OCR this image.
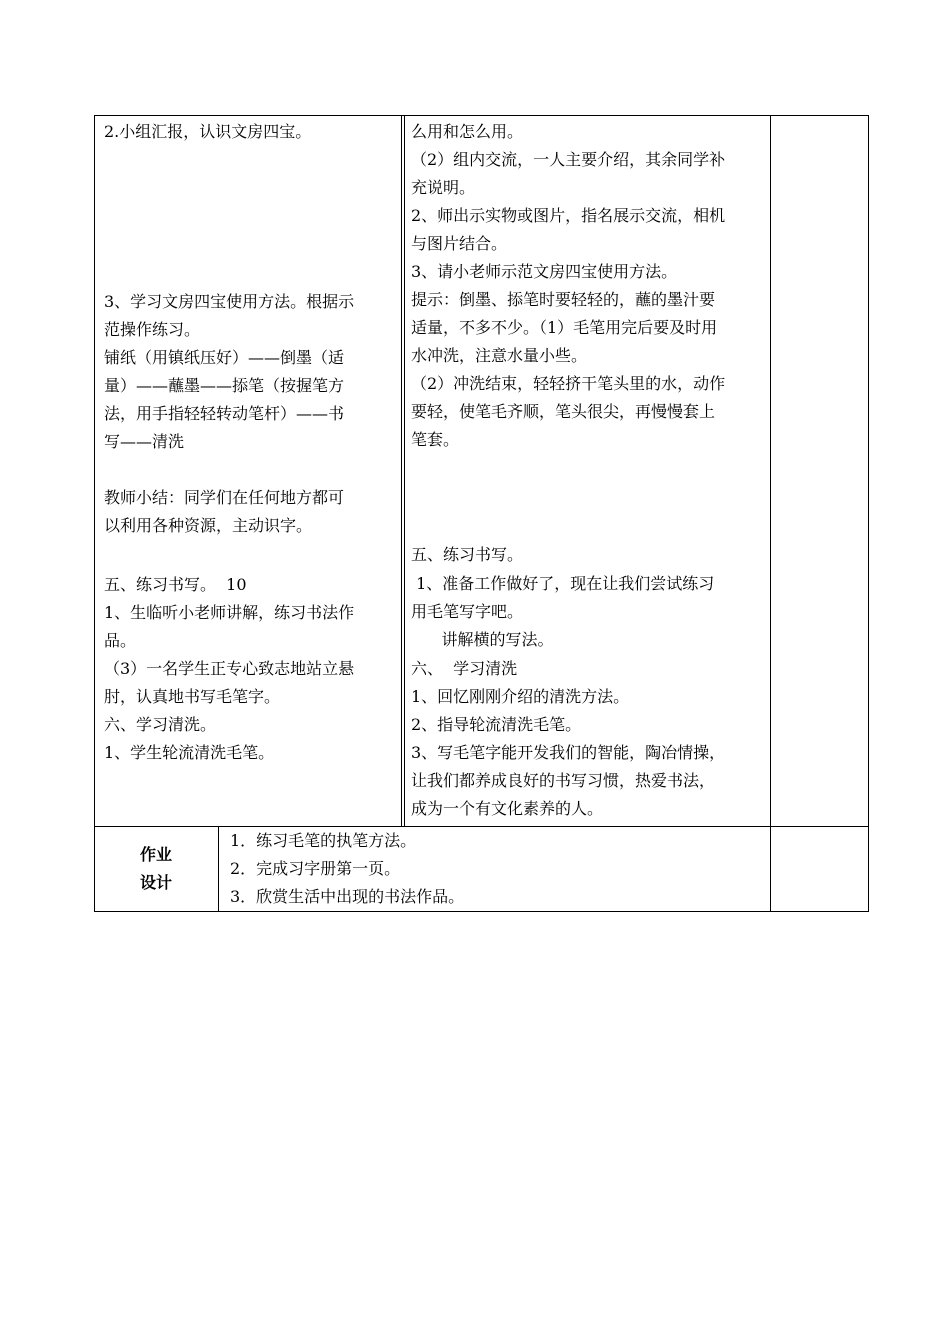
2.小组汇报，认识文房四宝。
3、学习文房四宝使用方法。根据示
范操作练习。
铺纸（用镇纸压好）——倒墨（适
量）——蘸墨——掭笔（按握笔方
法，用手指轻轻转动笔杆）——书
写——清洗
教师小结：同学们在任何地方都可
以利用各种资源，主动识字。
五、练习书写。  10
1、生临听小老师讲解，练习书法作
品。
（3）一名学生正专心致志地站立悬
肘，认真地书写毛笔字。
六、学习清洗。
1、学生轮流清洗毛笔。
么用和怎么用。
（2）组内交流，一人主要介绍，其余同学补
充说明。
2、师出示实物或图片，指名展示交流，相机
与图片结合。
3、请小老师示范文房四宝使用方法。
提示：倒墨、掭笔时要轻轻的，蘸的墨汁要
适量，不多不少。（1）毛笔用完后要及时用
水冲洗，注意水量小些。
（2）冲洗结束，轻轻挤干笔头里的水，动作
要轻，使笔毛齐顺，笔头很尖，再慢慢套上
笔套。
五、练习书写。
1、准备工作做好了，现在让我们尝试练习
用毛笔写字吧。
讲解横的写法。
六、  学习清洗
1、回忆刚刚介绍的清洗方法。
2、指导轮流清洗毛笔。
3、写毛笔字能开发我们的智能，陶冶情操，
让我们都养成良好的书写习惯，热爱书法，
成为一个有文化素养的人。
作业
设计
1．练习毛笔的执笔方法。
2．完成习字册第一页。
3．欣赏生活中出现的书法作品。
